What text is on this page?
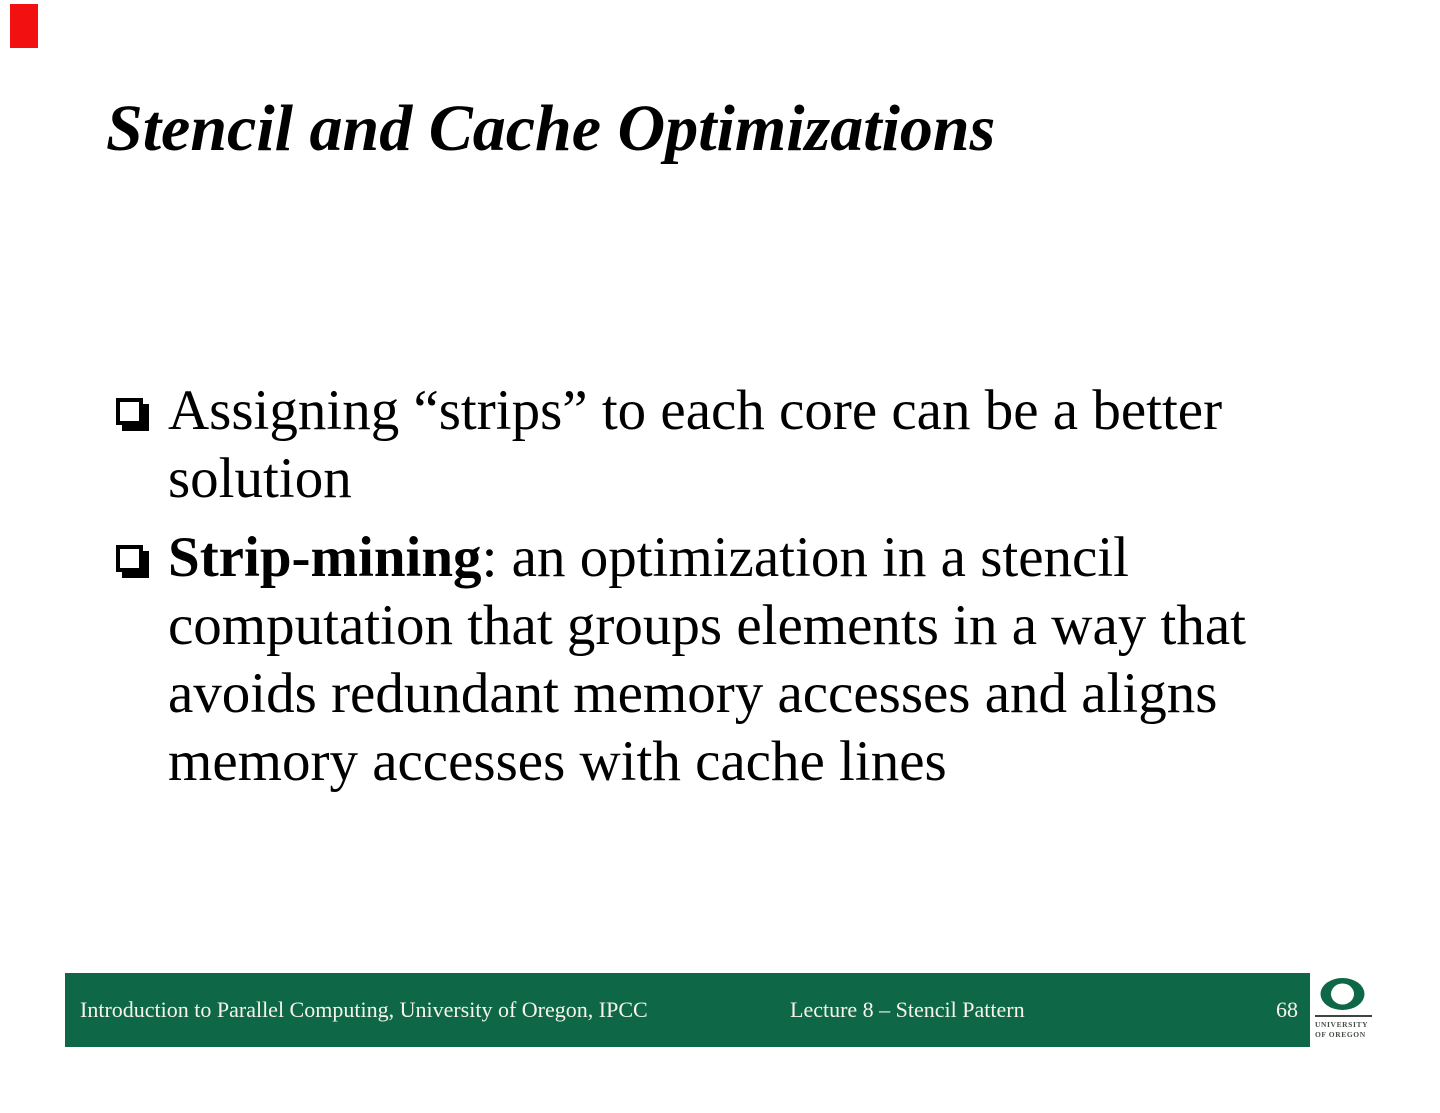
Stencil and Cache Optimizations
Assigning “strips” to each core can be a better
solution
Strip-mining: an optimization in a stencil
computation that groups elements in a way that
avoids redundant memory accesses and aligns
memory accesses with cache lines
Introduction to Parallel Computing, University of Oregon, IPCC	Lecture 8 – Stencil Pattern	68
UNIVERSITY
OF OREGON
